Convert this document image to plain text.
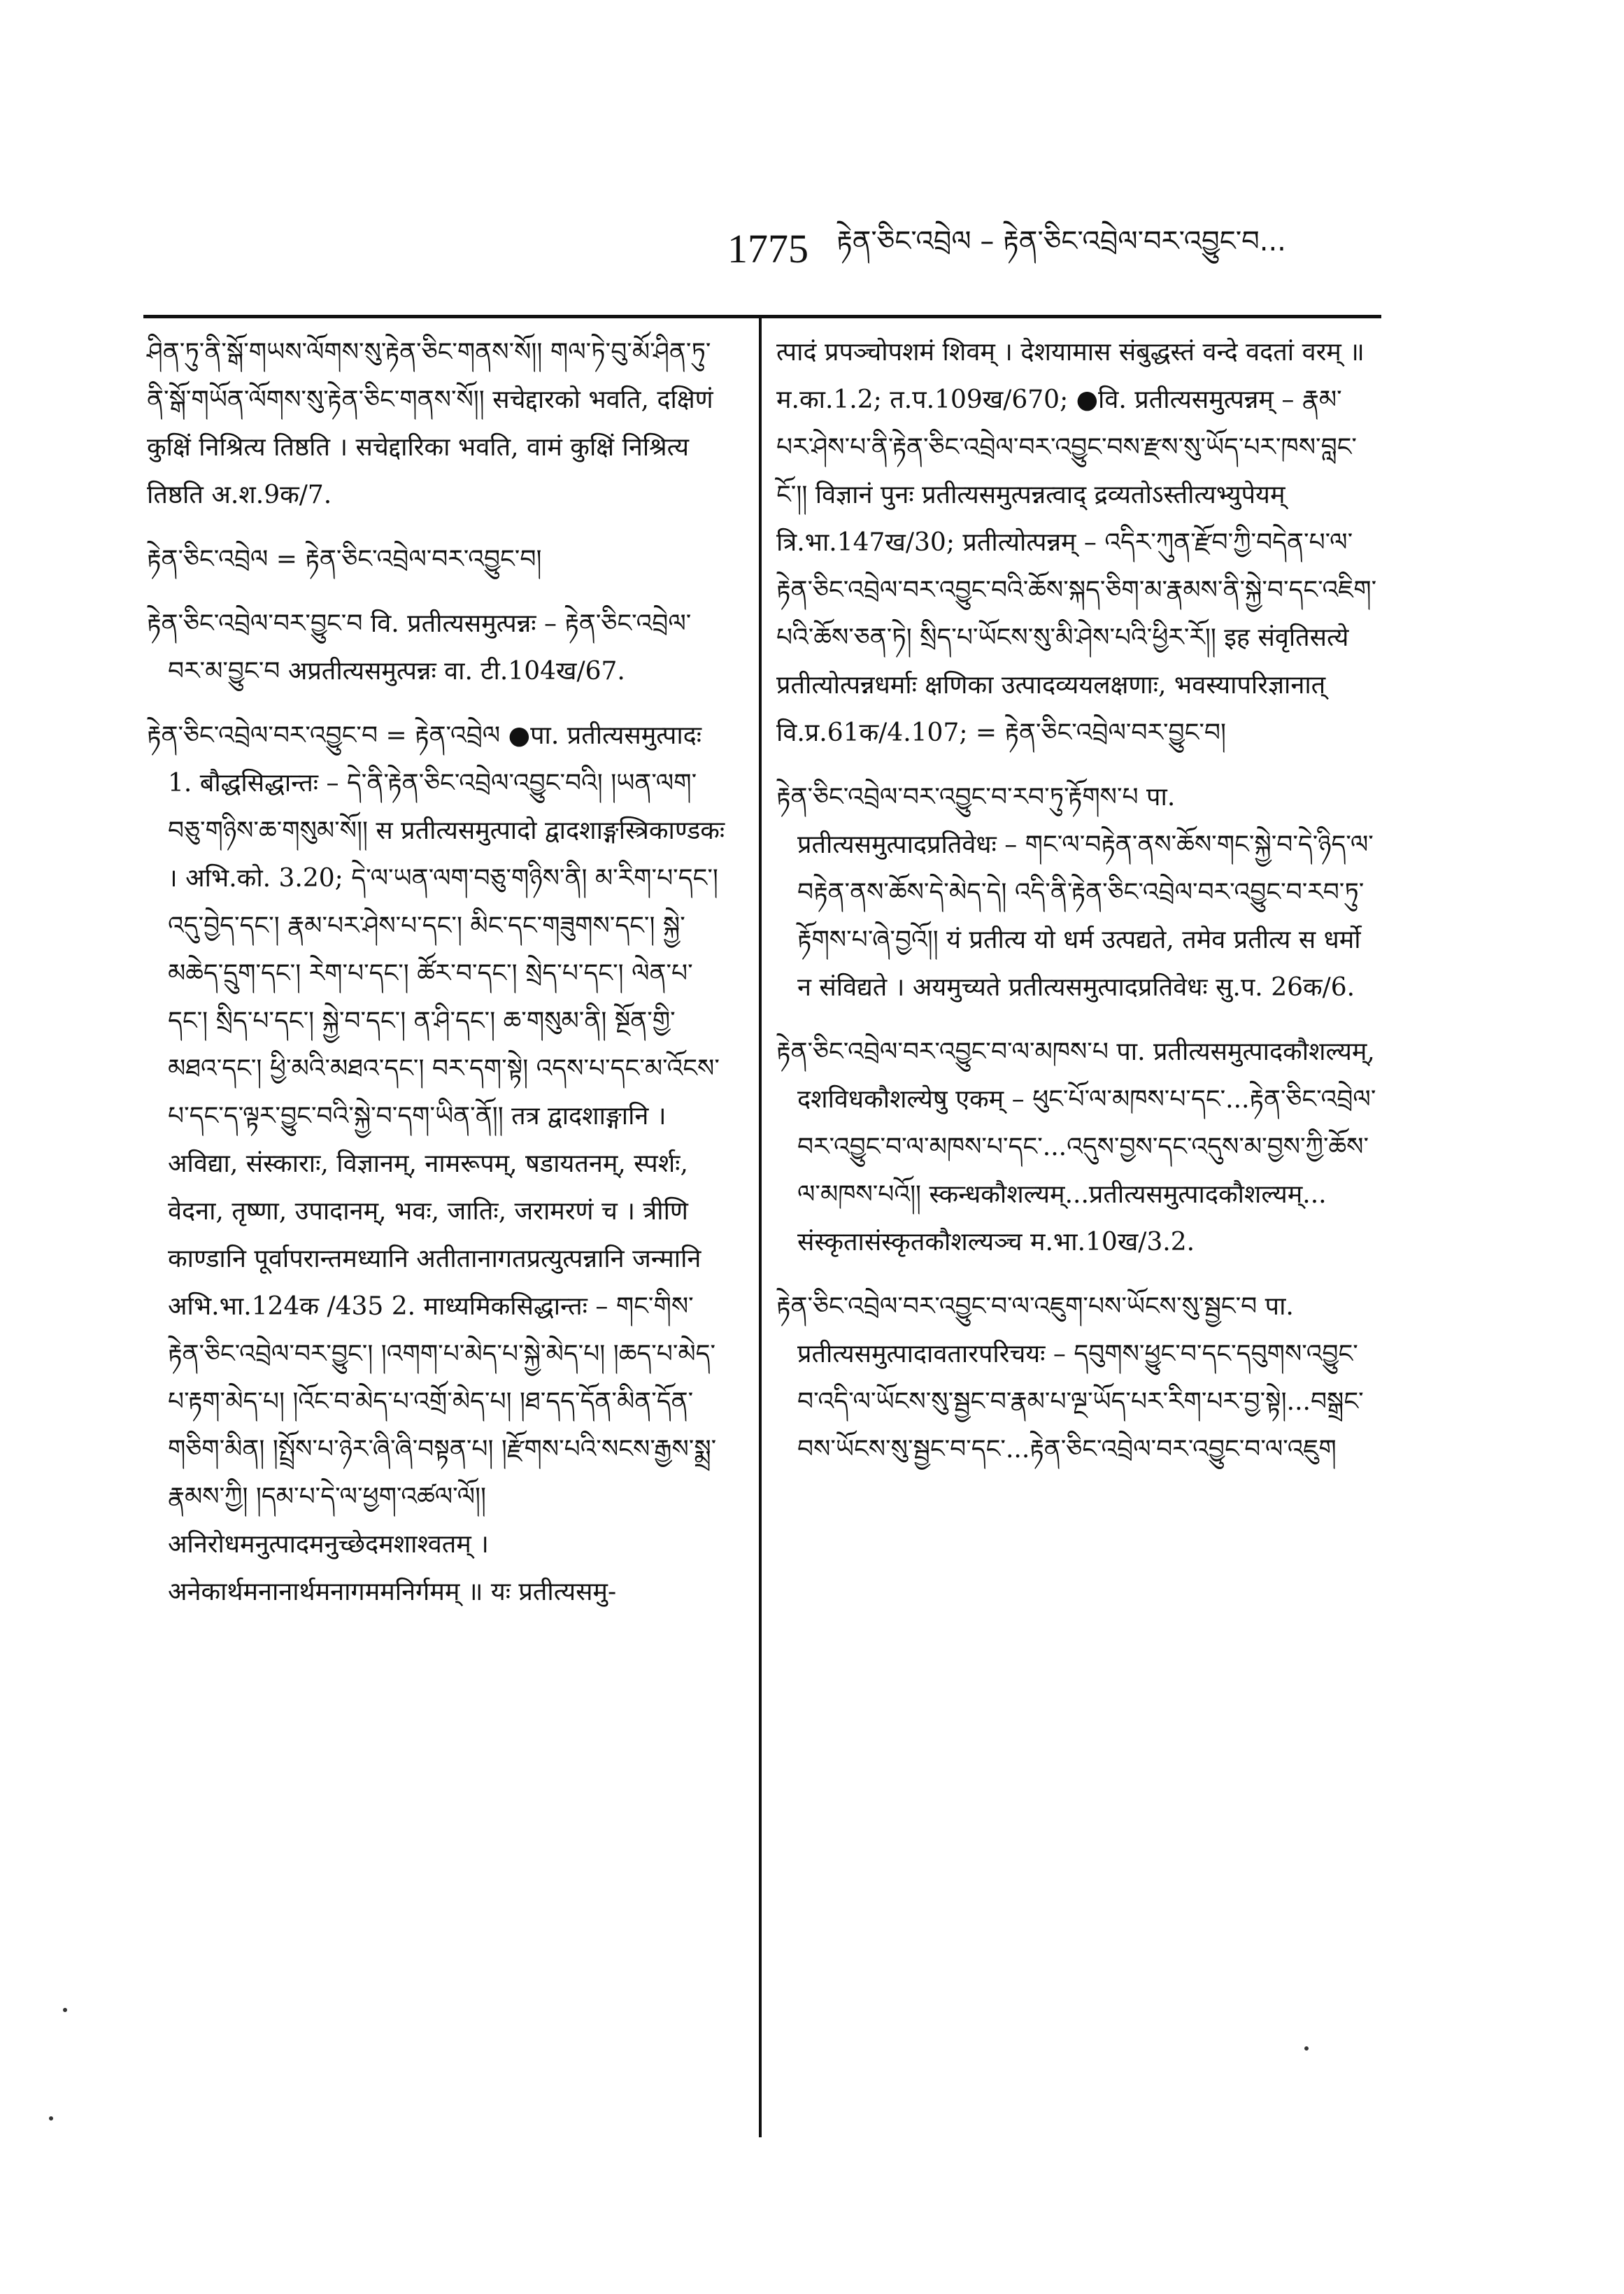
1775 རྟེན་ཅིང་འབྲེལ – རྟེན་ཅིང་འབྲེལ་བར་འབྱུང་བ...

ཤིན་ཏུ་ནི་སྒོ་གཡས་ལོགས་སུ་རྟེན་ཅིང་གནས་སོ།། གལ་ཏེ་བུ་མོ་ཤིན་ཏུ་ནི་སྒོ་གཡོན་ལོགས་སུ་རྟེན་ཅིང་གནས་སོ།། सचेद्दारको भवति, दक्षिणं कुक्षिं निश्रित्य तिष्ठति । सचेद्दारिका भवति, वामं कुक्षिं निश्रित्य तिष्ठति अ.श.9क/7.

རྟེན་ཅིང་འབྲེལ = རྟེན་ཅིང་འབྲེལ་བར་འབྱུང་བ།

རྟེན་ཅིང་འབྲེལ་བར་བྱུང་བ वि. प्रतीत्यसमुत्पन्नः – རྟེན་ཅིང་འབྲེལ་བར་མ་བྱུང་བ अप्रतीत्यसमुत्पन्नः वा. टी.104ख/67.

རྟེན་ཅིང་འབྲེལ་བར་འབྱུང་བ = རྟེན་འབྲེལ ●पा. प्रतीत्यसमुत्पादः 1. बौद्धसिद्धान्तः – དེ་ནི་རྟེན་ཅིང་འབྲེལ་འབྱུང་བའི། །ཡན་ལག་བཅུ་གཉིས་ཆ་གསུམ་སོ།། स प्रतीत्यसमुत्पादो द्वादशाङ्गस्त्रिकाण्डकः । अभि.को. 3.20; དེ་ལ་ཡན་ལག་བཅུ་གཉིས་ནི། མ་རིག་པ་དང་། འདུ་བྱེད་དང་། རྣམ་པར་ཤེས་པ་དང་། མིང་དང་གཟུགས་དང་། སྐྱེ་མཆེད་དྲུག་དང་། རེག་པ་དང་། ཚོར་བ་དང་། སྲེད་པ་དང་། ལེན་པ་དང་། སྲིད་པ་དང་། སྐྱེ་བ་དང་། ན་ཤི་དང་། ཆ་གསུམ་ནི། སྔོན་གྱི་མཐའ་དང་། ཕྱི་མའི་མཐའ་དང་། བར་དག་སྟེ། འདས་པ་དང་མ་འོངས་པ་དང་ད་ལྟར་བྱུང་བའི་སྐྱེ་བ་དག་ཡིན་ནོ།། तत्र द्वादशाङ्गानि । अविद्या, संस्काराः, विज्ञानम्, नामरूपम्, षडायतनम्, स्पर्शः, वेदना, तृष्णा, उपादानम्, भवः, जातिः, जरामरणं च । त्रीणि काण्डानि पूर्वापरान्तमध्यानि अतीतानागतप्रत्युत्पन्नानि जन्मानि अभि.भा.124क /435 2. माध्यमिकसिद्धान्तः – གང་གིས་རྟེན་ཅིང་འབྲེལ་བར་བྱུང་། །འགག་པ་མེད་པ་སྐྱེ་མེད་པ། །ཆད་པ་མེད་པ་རྟག་མེད་པ། །འོང་བ་མེད་པ་འགྲོ་མེད་པ། །ཐ་དད་དོན་མིན་དོན་གཅིག་མིན། །སྤྲོས་པ་ཉེར་ཞི་ཞི་བསྟན་པ། །རྫོགས་པའི་སངས་རྒྱས་སྨྲ་རྣམས་ཀྱི། །དམ་པ་དེ་ལ་ཕྱག་འཚལ་ལོ།། अनिरोधमनुत्पादमनुच्छेदमशाश्वतम् । अनेकार्थमनानार्थमनागममनिर्गमम् ॥ यः प्रतीत्यसमु-

त्पादं प्रपञ्चोपशमं शिवम् । देशयामास संबुद्धस्तं वन्दे वदतां वरम् ॥ म.का.1.2; त.प.109ख/670; ●वि. प्रतीत्यसमुत्पन्नम् – རྣམ་པར་ཤེས་པ་ནི་རྟེན་ཅིང་འབྲེལ་བར་འབྱུང་བས་རྫས་སུ་ཡོད་པར་ཁས་བླང་ངོ་།། विज्ञानं पुनः प्रतीत्यसमुत्पन्नत्वाद् द्रव्यतोऽस्तीत्यभ्युपेयम् त्रि.भा.147ख/30; प्रतीत्योत्पन्नम् – འདིར་ཀུན་རྫོབ་ཀྱི་བདེན་པ་ལ་རྟེན་ཅིང་འབྲེལ་བར་འབྱུང་བའི་ཆོས་སྐད་ཅིག་མ་རྣམས་ནི་སྐྱེ་བ་དང་འཇིག་པའི་ཆོས་ཅན་ཏེ། སྲིད་པ་ཡོངས་སུ་མི་ཤེས་པའི་ཕྱིར་རོ།། इह संवृतिसत्ये प्रतीत्योत्पन्नधर्माः क्षणिका उत्पादव्ययलक्षणाः, भवस्यापरिज्ञानात् वि.प्र.61क/4.107; = རྟེན་ཅིང་འབྲེལ་བར་བྱུང་བ།

རྟེན་ཅིང་འབྲེལ་བར་འབྱུང་བ་རབ་ཏུ་རྟོགས་པ पा. प्रतीत्यसमुत्पादप्रतिवेधः – གང་ལ་བརྟེན་ནས་ཆོས་གང་སྐྱེ་བ་དེ་ཉིད་ལ་བརྟེན་ནས་ཆོས་དེ་མེད་དེ། འདི་ནི་རྟེན་ཅིང་འབྲེལ་བར་འབྱུང་བ་རབ་ཏུ་རྟོགས་པ་ཞེ་བྱའོ།། यं प्रतीत्य यो धर्म उत्पद्यते, तमेव प्रतीत्य स धर्मो न संविद्यते । अयमुच्यते प्रतीत्यसमुत्पादप्रतिवेधः सु.प. 26क/6.

རྟེན་ཅིང་འབྲེལ་བར་འབྱུང་བ་ལ་མཁས་པ पा. प्रतीत्यसमुत्पादकौशल्यम्, दशविधकौशल्येषु एकम् – ཕུང་པོ་ལ་མཁས་པ་དང་...རྟེན་ཅིང་འབྲེལ་བར་འབྱུང་བ་ལ་མཁས་པ་དང་...འདུས་བྱས་དང་འདུས་མ་བྱས་ཀྱི་ཆོས་ལ་མཁས་པའོ།། स्कन्धकौशल्यम्...प्रतीत्यसमुत्पादकौशल्यम्... संस्कृतासंस्कृतकौशल्यञ्च म.भा.10ख/3.2.

རྟེན་ཅིང་འབྲེལ་བར་འབྱུང་བ་ལ་འཇུག་པས་ཡོངས་སུ་སྦྱང་བ पा. प्रतीत्यसमुत्पादावतारपरिचयः – དབུགས་ཕྱུང་བ་དང་དབུགས་འབྱུང་བ་འདི་ལ་ཡོངས་སུ་སྦྱང་བ་རྣམ་པ་ལྔ་ཡོད་པར་རིག་པར་བྱ་སྟེ།...བསྒྲང་བས་ཡོངས་སུ་སྦྱང་བ་དང་...རྟེན་ཅིང་འབྲེལ་བར་འབྱུང་བ་ལ་འཇུག
